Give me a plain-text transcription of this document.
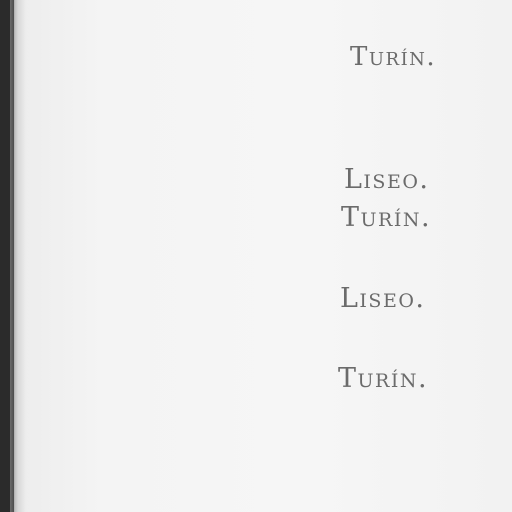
Turín.

Liseo.

Turín.

Liseo.

Turín.
